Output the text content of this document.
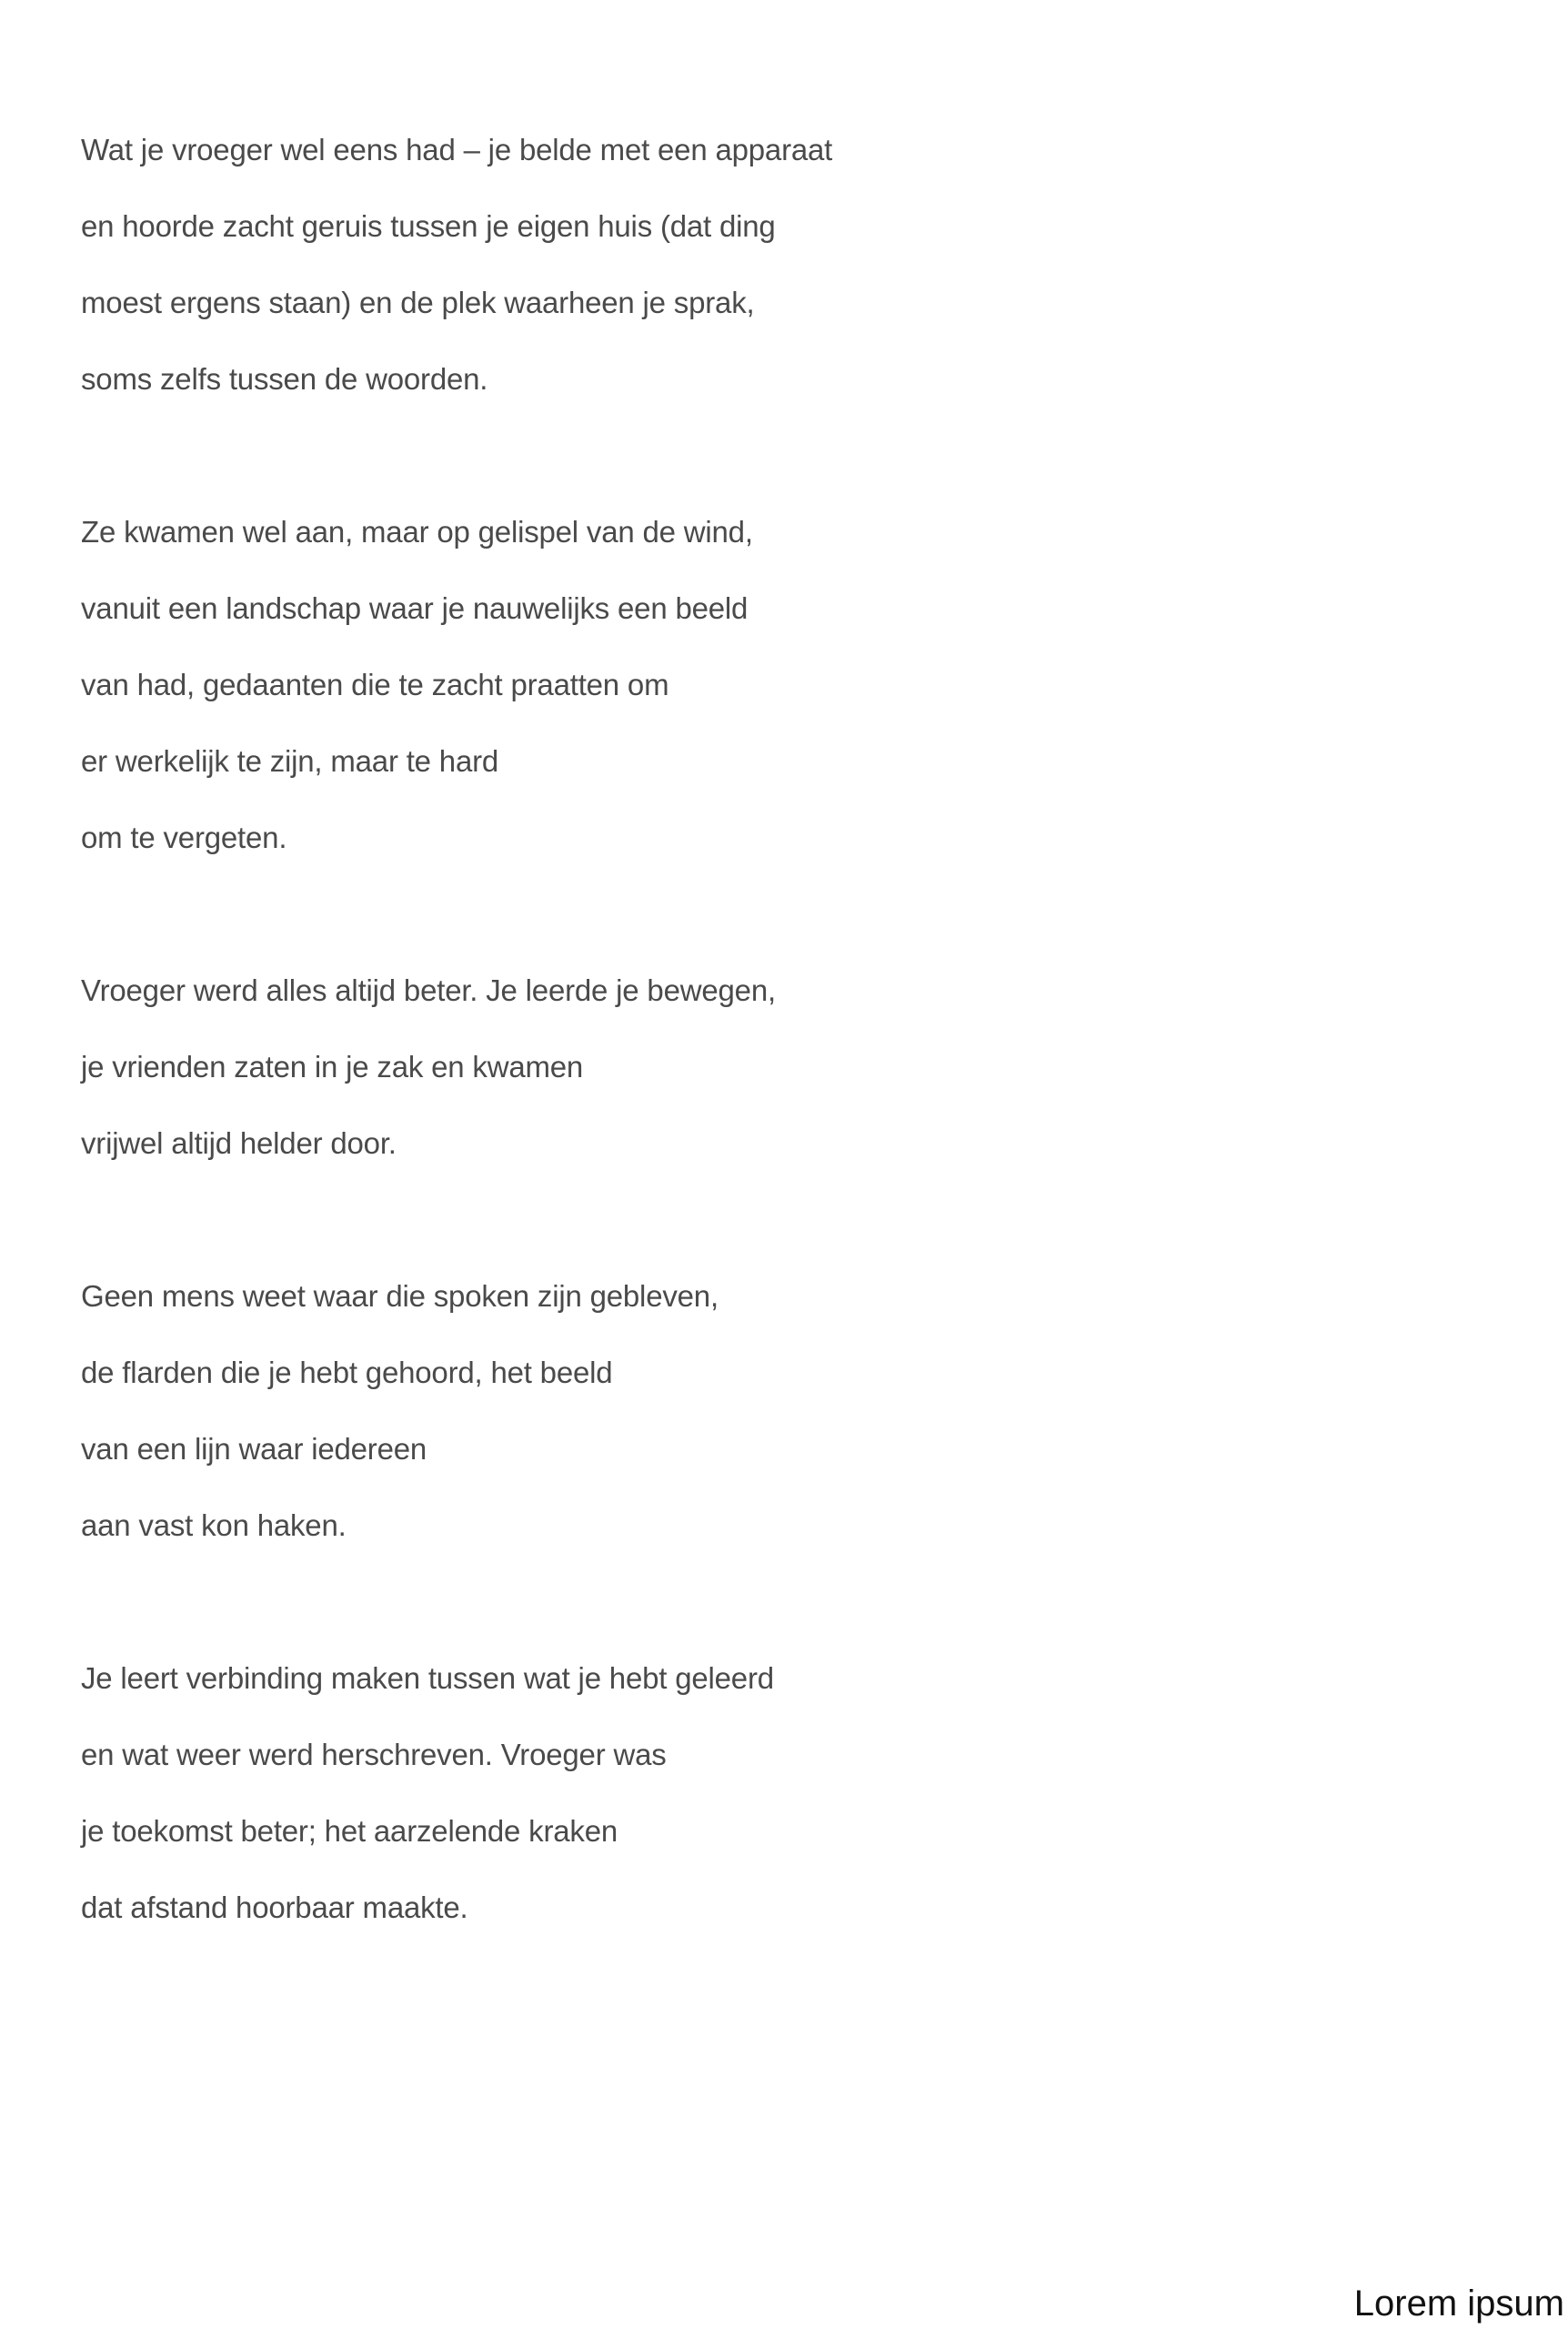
Wat je vroeger wel eens had – je belde met een apparaat
en hoorde zacht geruis tussen je eigen huis (dat ding
moest ergens staan) en de plek waarheen je sprak,
soms zelfs tussen de woorden.
Ze kwamen wel aan, maar op gelispel van de wind,
vanuit een landschap waar je nauwelijks een beeld
van had, gedaanten die te zacht praatten om
er werkelijk te zijn, maar te hard
om te vergeten.
Vroeger werd alles altijd beter. Je leerde je bewegen,
je vrienden zaten in je zak en kwamen
vrijwel altijd helder door.
Geen mens weet waar die spoken zijn gebleven,
de flarden die je hebt gehoord, het beeld
van een lijn waar iedereen
aan vast kon haken.
Je leert verbinding maken tussen wat je hebt geleerd
en wat weer werd herschreven. Vroeger was
je toekomst beter; het aarzelende kraken
dat afstand hoorbaar maakte.
Lorem ipsum
